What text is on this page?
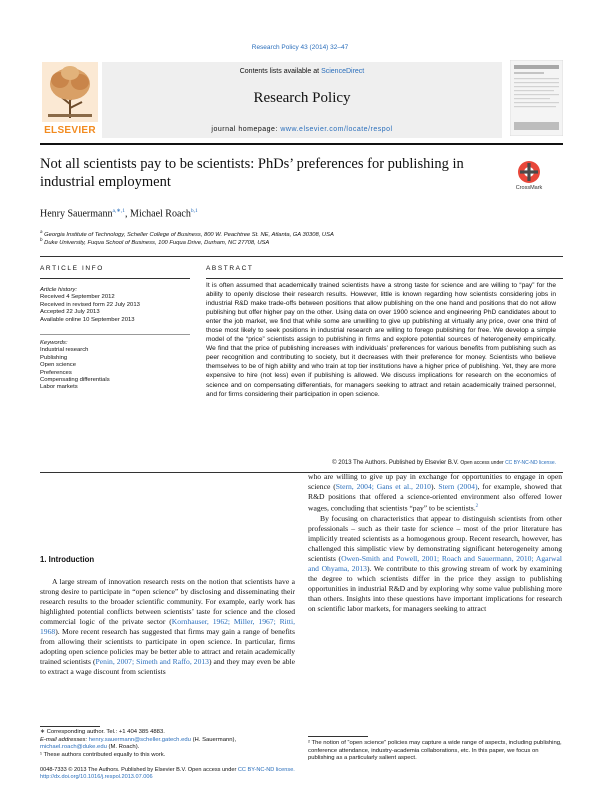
Research Policy 43 (2014) 32–47
ELSEVIER
Contents lists available at ScienceDirect
Research Policy
journal homepage: www.elsevier.com/locate/respol
Not all scientists pay to be scientists: PhDs’ preferences for publishing in industrial employment	CrossMark
Henry Sauermann$^{a,∗,1}$, Michael Roach$^{b,1}$
$^a$ Georgia Institute of Technology, Scheller College of Business, 800 W. Peachtree St. NE, Atlanta, GA 30308, USA
$^b$ Duke University, Fuqua School of Business, 100 Fuqua Drive, Durham, NC 27708, USA
ARTICLE INFO
Article history:
Received 4 September 2012
Received in revised form 22 July 2013
Accepted 22 July 2013
Available online 10 September 2013
Keywords:
Industrial research
Publishing
Open science
Preferences
Compensating differentials
Labor markets
ABSTRACT
It is often assumed that academically trained scientists have a strong taste for science and are willing to “pay” for the ability to openly disclose their research results. However, little is known regarding how scientists considering jobs in industrial R&D make trade-offs between positions that allow publishing on the one hand and positions that do not allow publishing but offer higher pay on the other. Using data on over 1900 science and engineering PhD candidates about to enter the job market, we find that while some are unwilling to give up publishing at virtually any price, over one third of those most likely to seek positions in industrial research are willing to forego publishing for free. We develop a simple model of the “price” scientists assign to publishing in firms and explore potential sources of heterogeneity empirically. We find that the price of publishing increases with individuals’ preferences for various benefits from publishing such as peer recognition and contributing to society, but it decreases with their preference for money. Scientists who believe themselves to be of high ability and who train at top tier institutions have a higher price of publishing. Yet, they are more expensive to hire (not less) even if publishing is allowed. We discuss implications for research on the economics of science and on compensating differentials, for managers seeking to attract and retain academically trained personnel, and for firms considering their participation in open science.
© 2013 The Authors. Published by Elsevier B.V. Open access under CC BY-NC-ND license.
1. Introduction

A large stream of innovation research rests on the notion that scientists have a strong desire to participate in “open science” by disclosing and disseminating their research results to the broader scientific community. For example, early work has highlighted potential conflicts between scientists’ taste for science and the closed commercial logic of the private sector (Kornhauser, 1962; Miller, 1967; Ritti, 1968). More recent research has suggested that firms may gain a range of benefits from allowing their scientists to participate in open science. In particular, firms adopting open science policies may be better able to attract and retain academically trained scientists (Penin, 2007; Simeth and Raffo, 2013) and they may even be able to extract a wage discount from scientists

who are willing to give up pay in exchange for opportunities to engage in open science (Stern, 2004; Gans et al., 2010). Stern (2004), for example, showed that R&D positions that offered a science-oriented environment also offered lower wages, concluding that scientists “pay” to be scientists.$^2$

By focusing on characteristics that appear to distinguish scientists from other professionals – such as their taste for science – most of the prior literature has implicitly treated scientists as a homogenous group. Recent research, however, has challenged this simplistic view by demonstrating significant heterogeneity among scientists (Owen-Smith and Powell, 2001; Roach and Sauermann, 2010; Agarwal and Ohyama, 2013). We contribute to this growing stream of work by examining the degree to which scientists differ in the price they assign to publishing opportunities in industrial R&D and by exploring why some value publishing more than others. Insights into these questions have important implications for research on scientific labor markets, for managers seeking to attract

∗ Corresponding author. Tel.: +1 404 385 4883.
E-mail addresses: henry.sauermann@scheller.gatech.edu (H. Sauermann),
michael.roach@duke.edu (M. Roach).
¹ These authors contributed equally to this work.
² The notion of “open science” policies may capture a wide range of aspects, including publishing, conference attendance, industry-academia collaborations, etc. In this paper, we focus on publishing as a particularly salient aspect.
0048-7333 © 2013 The Authors. Published by Elsevier B.V. Open access under CC BY-NC-ND license.
http://dx.doi.org/10.1016/j.respol.2013.07.006
